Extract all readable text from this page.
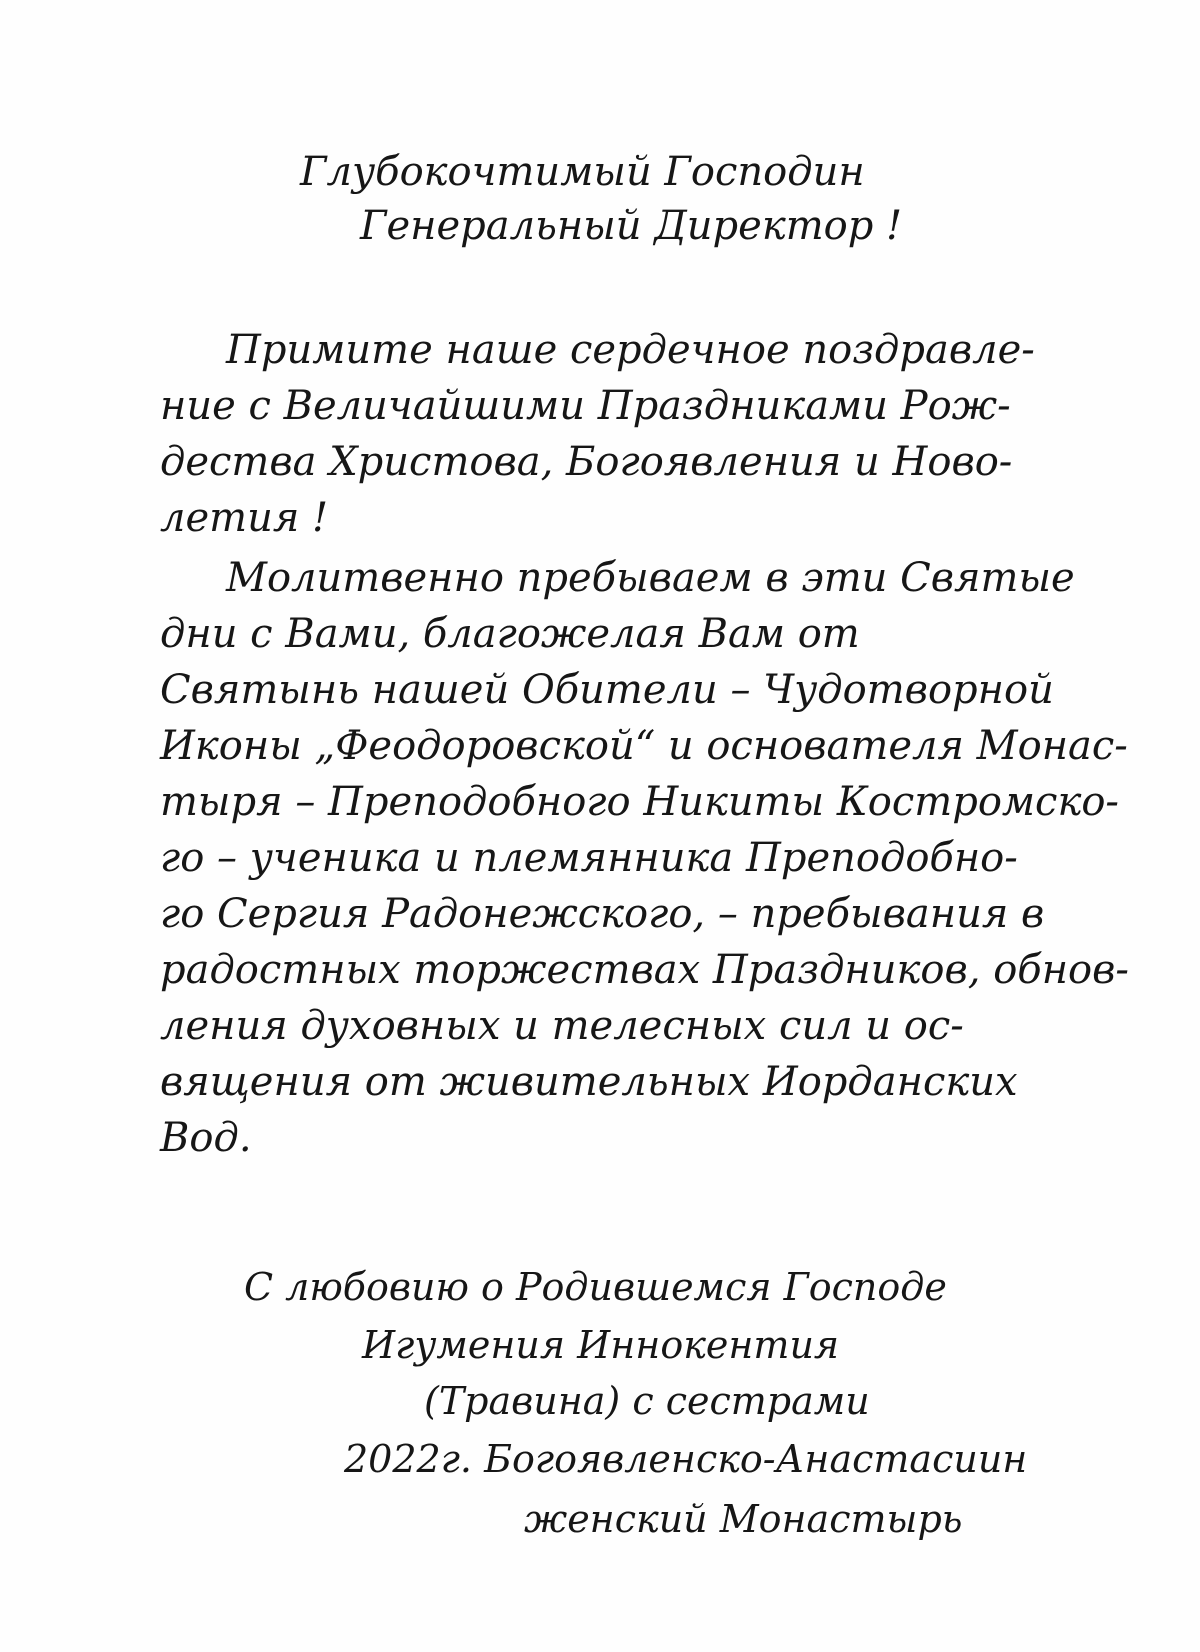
Глубокочтимый Господин

Генеральный Директор !

Примите наше сердечное поздравле-

ние с Величайшими Праздниками Рож-

дества Христова, Богоявления и Ново-

летия !

Молитвенно пребываем в эти Святые

дни с Вами, благожелая Вам от

Святынь нашей Обители – Чудотворной

Иконы „Феодоровской“ и основателя Монас-

тыря – Преподобного Никиты Костромско-

го – ученика и племянника Преподобно-

го Сергия Радонежского, – пребывания в

радостных торжествах Праздников, обнов-

ления духовных и телесных сил и ос-

вящения от живительных Иорданских

Вод.

С любовию о Родившемся Господе

Игумения Иннокентия

(Травина) с сестрами

2022г. Богоявленско-Анастасиин

женский Монастырь
